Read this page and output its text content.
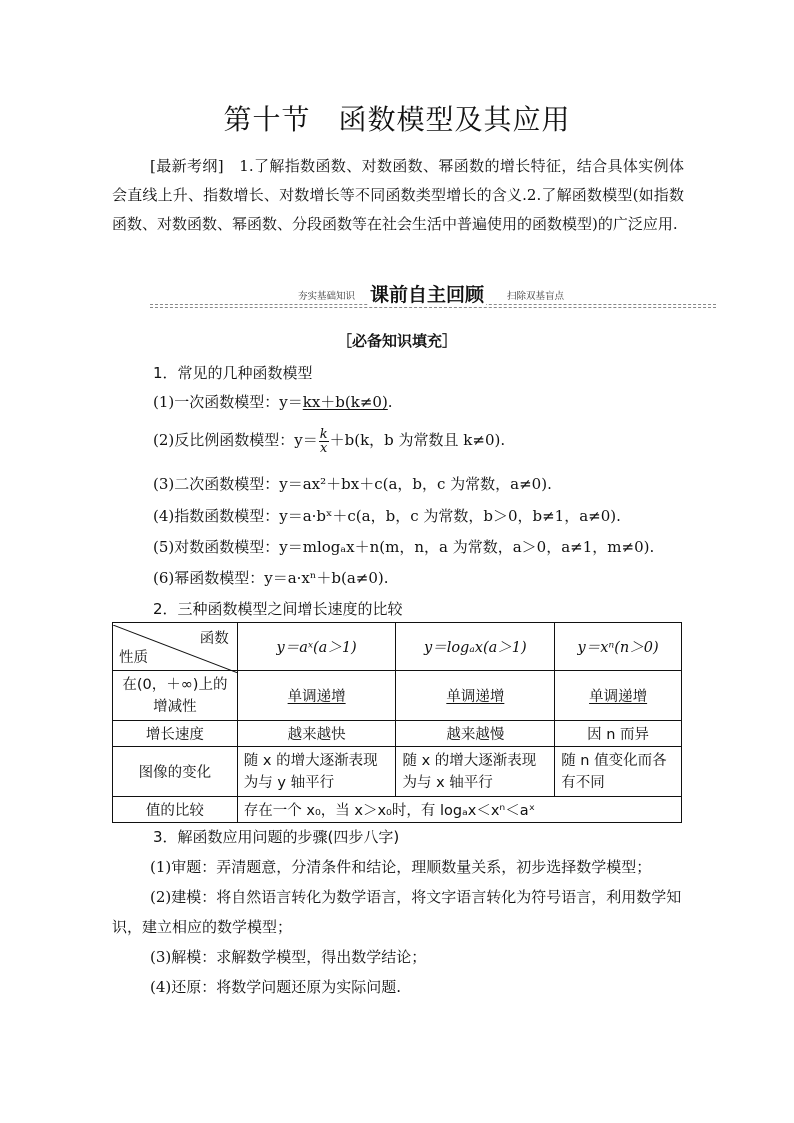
第十节 函数模型及其应用
[最新考纲]　1.了解指数函数、对数函数、幂函数的增长特征，结合具体实例体会直线上升、指数增长、对数增长等不同函数类型增长的含义.2.了解函数模型(如指数函数、对数函数、幂函数、分段函数等在社会生活中普遍使用的函数模型)的广泛应用.
夯实基础知识 课前自主回顾 扫除双基盲点
［必备知识填充］
1．常见的几种函数模型
(1)一次函数模型：y＝kx＋b(k≠0).
(2)反比例函数模型：$y= \frac{k}{x} +b(k$，b 为常数且 k≠0).
(3)二次函数模型：y＝ax²＋bx＋c(a，b，c 为常数，a≠0).
(4)指数函数模型：y＝a·bˣ＋c(a，b，c 为常数，b＞0，b≠1，a≠0).
(5)对数函数模型：y＝mlogₐx＋n(m，n，a 为常数，a＞0，a≠1，m≠0).
(6)幂函数模型：y＝a·xⁿ＋b(a≠0).
2．三种函数模型之间增长速度的比较
函数
性质	y＝aˣ(a＞1)	y＝logₐx(a＞1)	y＝xⁿ(n＞0)
在(0，＋∞)上的增减性	单调递增	单调递增	单调递增
增长速度	越来越快	越来越慢	因 n 而异
图像的变化	随 x 的增大逐渐表现为与 y 轴平行	随 x 的增大逐渐表现为与 x 轴平行	随 n 值变化而各有不同
值的比较	存在一个 x₀，当 x＞x₀时，有 logₐx＜xⁿ＜aˣ		
3．解函数应用问题的步骤(四步八字)
(1)审题：弄清题意，分清条件和结论，理顺数量关系，初步选择数学模型；
(2)建模：将自然语言转化为数学语言，将文字语言转化为符号语言，利用数学知识，建立相应的数学模型；
(3)解模：求解数学模型，得出数学结论；
(4)还原：将数学问题还原为实际问题.
